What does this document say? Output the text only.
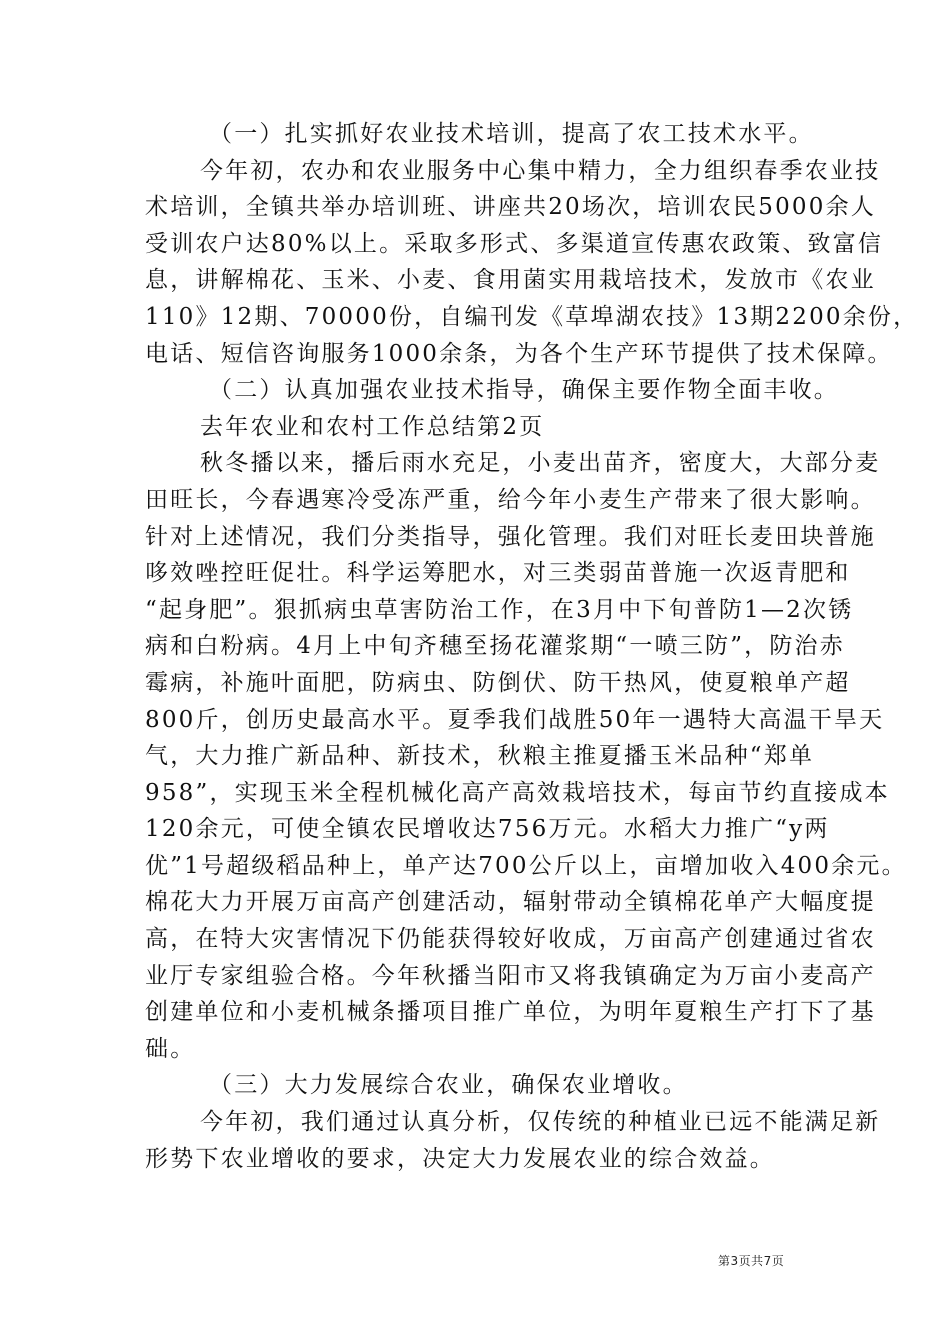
（一）扎实抓好农业技术培训，提高了农工技术水平。
今年初，农办和农业服务中心集中精力，全力组织春季农业技
术培训，全镇共举办培训班、讲座共20场次，培训农民5000余人
受训农户达80%以上。采取多形式、多渠道宣传惠农政策、致富信
息，讲解棉花、玉米、小麦、食用菌实用栽培技术，发放市《农业
110》12期、70000份，自编刊发《草埠湖农技》13期2200余份，
电话、短信咨询服务1000余条，为各个生产环节提供了技术保障。
（二）认真加强农业技术指导，确保主要作物全面丰收。
去年农业和农村工作总结第2页
秋冬播以来，播后雨水充足，小麦出苗齐，密度大，大部分麦
田旺长，今春遇寒冷受冻严重，给今年小麦生产带来了很大影响。
针对上述情况，我们分类指导，强化管理。我们对旺长麦田块普施
哆效唑控旺促壮。科学运筹肥水，对三类弱苗普施一次返青肥和
“起身肥”。狠抓病虫草害防治工作，在3月中下旬普防1—2次锈
病和白粉病。4月上中旬齐穗至扬花灌浆期“一喷三防”，防治赤
霉病，补施叶面肥，防病虫、防倒伏、防干热风，使夏粮单产超
800斤，创历史最高水平。夏季我们战胜50年一遇特大高温干旱天
气，大力推广新品种、新技术，秋粮主推夏播玉米品种“郑单
958”，实现玉米全程机械化高产高效栽培技术，每亩节约直接成本
120余元，可使全镇农民增收达756万元。水稻大力推广“y两
优”1号超级稻品种上，单产达700公斤以上，亩增加收入400余元。
棉花大力开展万亩高产创建活动，辐射带动全镇棉花单产大幅度提
高，在特大灾害情况下仍能获得较好收成，万亩高产创建通过省农
业厅专家组验合格。今年秋播当阳市又将我镇确定为万亩小麦高产
创建单位和小麦机械条播项目推广单位，为明年夏粮生产打下了基
础。
（三）大力发展综合农业，确保农业增收。
今年初，我们通过认真分析，仅传统的种植业已远不能满足新
形势下农业增收的要求，决定大力发展农业的综合效益。
第3页共7页
